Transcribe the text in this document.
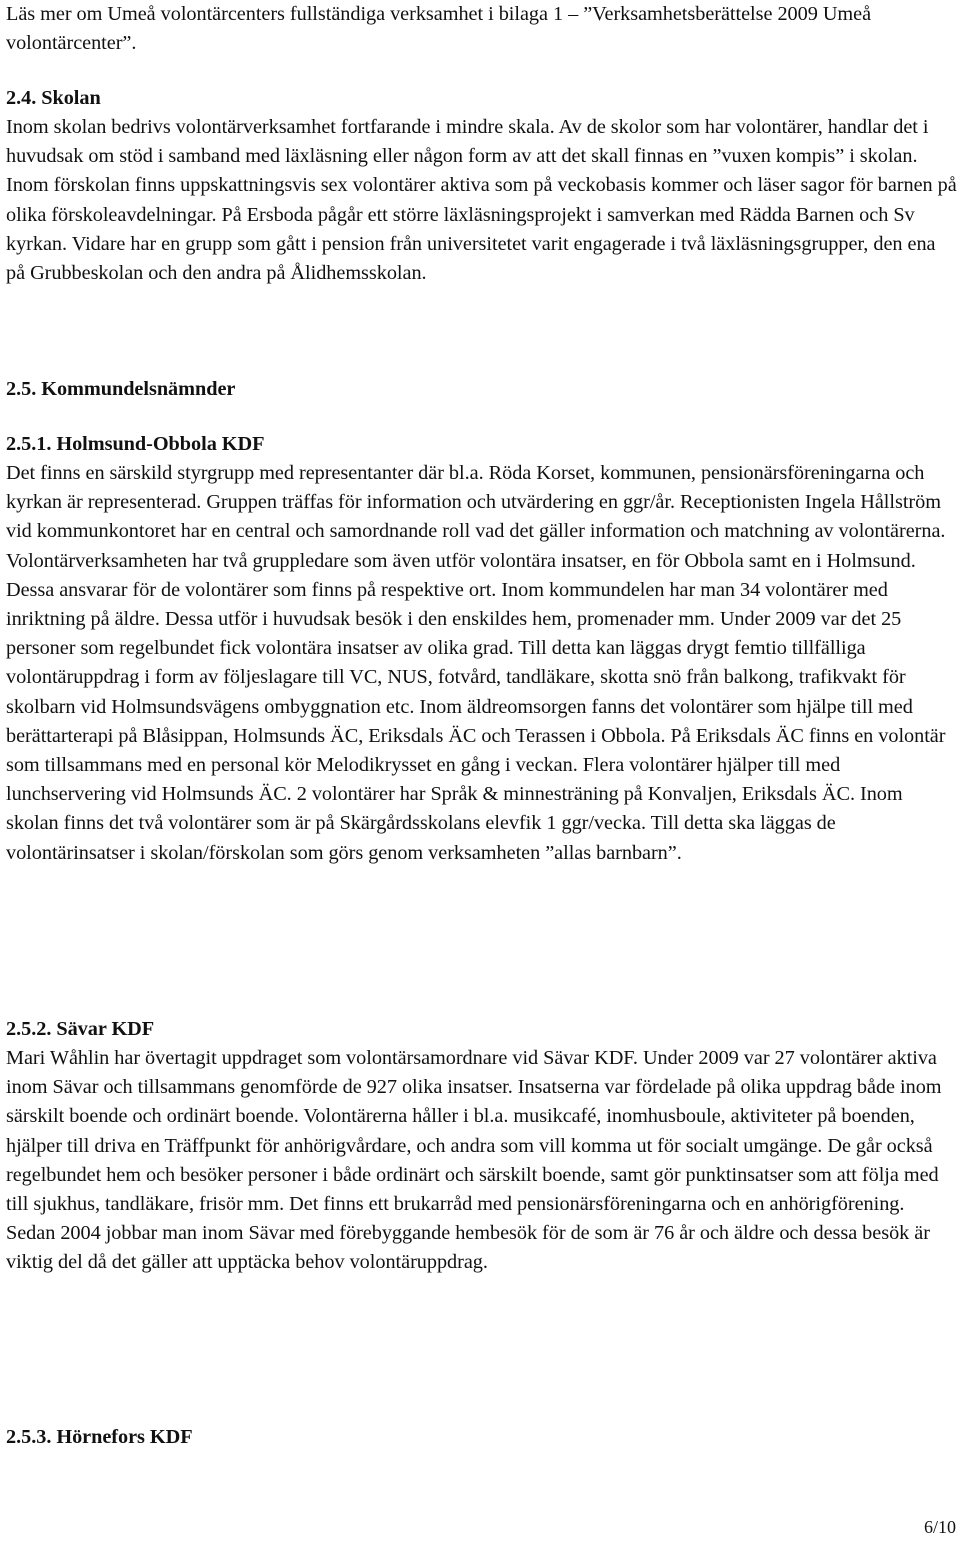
Läs mer om Umeå volontärcenters fullständiga verksamhet i bilaga 1 – ”Verksamhetsberättelse 2009 Umeå volontärcenter”.

2.4. Skolan

Inom skolan bedrivs volontärverksamhet fortfarande i mindre skala. Av de skolor som har volontärer, handlar det i huvudsak om stöd i samband med läxläsning eller någon form av att det skall finnas en ”vuxen kompis” i skolan. Inom förskolan finns uppskattningsvis sex volontärer aktiva som på veckobasis kommer och läser sagor för barnen på olika förskoleavdelningar. På Ersboda pågår ett större läxläsningsprojekt i samverkan med Rädda Barnen och Sv kyrkan. Vidare har en grupp som gått i pension från universitetet varit engagerade i två läxläsningsgrupper, den ena på Grubbeskolan och den andra på Ålidhemsskolan.

2.5. Kommundelsnämnder

2.5.1. Holmsund-Obbola KDF

Det finns en särskild styrgrupp med representanter där bl.a. Röda Korset, kommunen, pensionärsföreningarna och kyrkan är representerad. Gruppen träffas för information och utvärdering en ggr/år. Receptionisten Ingela Hållström vid kommunkontoret har en central och samordnande roll vad det gäller information och matchning av volontärerna. Volontärverksamheten har två gruppledare som även utför volontära insatser, en för Obbola samt en i Holmsund. Dessa ansvarar för de volontärer som finns på respektive ort. Inom kommundelen har man 34 volontärer med inriktning på äldre. Dessa utför i huvudsak besök i den enskildes hem, promenader mm. Under 2009 var det 25 personer som regelbundet fick volontära insatser av olika grad. Till detta kan läggas drygt femtio tillfälliga volontäruppdrag i form av följeslagare till VC, NUS, fotvård, tandläkare, skotta snö från balkong, trafikvakt för skolbarn vid Holmsundsvägens ombyggnation etc. Inom äldreomsorgen fanns det volontärer som hjälpe till med berättarterapi på Blåsippan, Holmsunds ÄC, Eriksdals ÄC och Terassen i Obbola. På Eriksdals ÄC finns en volontär som tillsammans med en personal kör Melodikrysset en gång i veckan. Flera volontärer hjälper till med lunchservering vid Holmsunds ÄC. 2 volontärer har Språk & minnesträning på Konvaljen, Eriksdals ÄC. Inom skolan finns det två volontärer som är på Skärgårdsskolans elevfik 1 ggr/vecka. Till detta ska läggas de volontärinsatser i skolan/förskolan som görs genom verksamheten ”allas barnbarn”.

2.5.2. Sävar KDF

Mari Wåhlin har övertagit uppdraget som volontärsamordnare vid Sävar KDF. Under 2009 var 27 volontärer aktiva inom Sävar och tillsammans genomförde de 927 olika insatser. Insatserna var fördelade på olika uppdrag både inom särskilt boende och ordinärt boende. Volontärerna håller i bl.a. musikcafé, inomhusboule, aktiviteter på boenden, hjälper till driva en Träffpunkt för anhörigvårdare, och andra som vill komma ut för socialt umgänge. De går också regelbundet hem och besöker personer i både ordinärt och särskilt boende, samt gör punktinsatser som att följa med till sjukhus, tandläkare, frisör mm. Det finns ett brukarråd med pensionärsföreningarna och en anhörigförening. Sedan 2004 jobbar man inom Sävar med förebyggande hembesök för de som är 76 år och äldre och dessa besök är viktig del då det gäller att upptäcka behov volontäruppdrag.

2.5.3. Hörnefors KDF

6/10
